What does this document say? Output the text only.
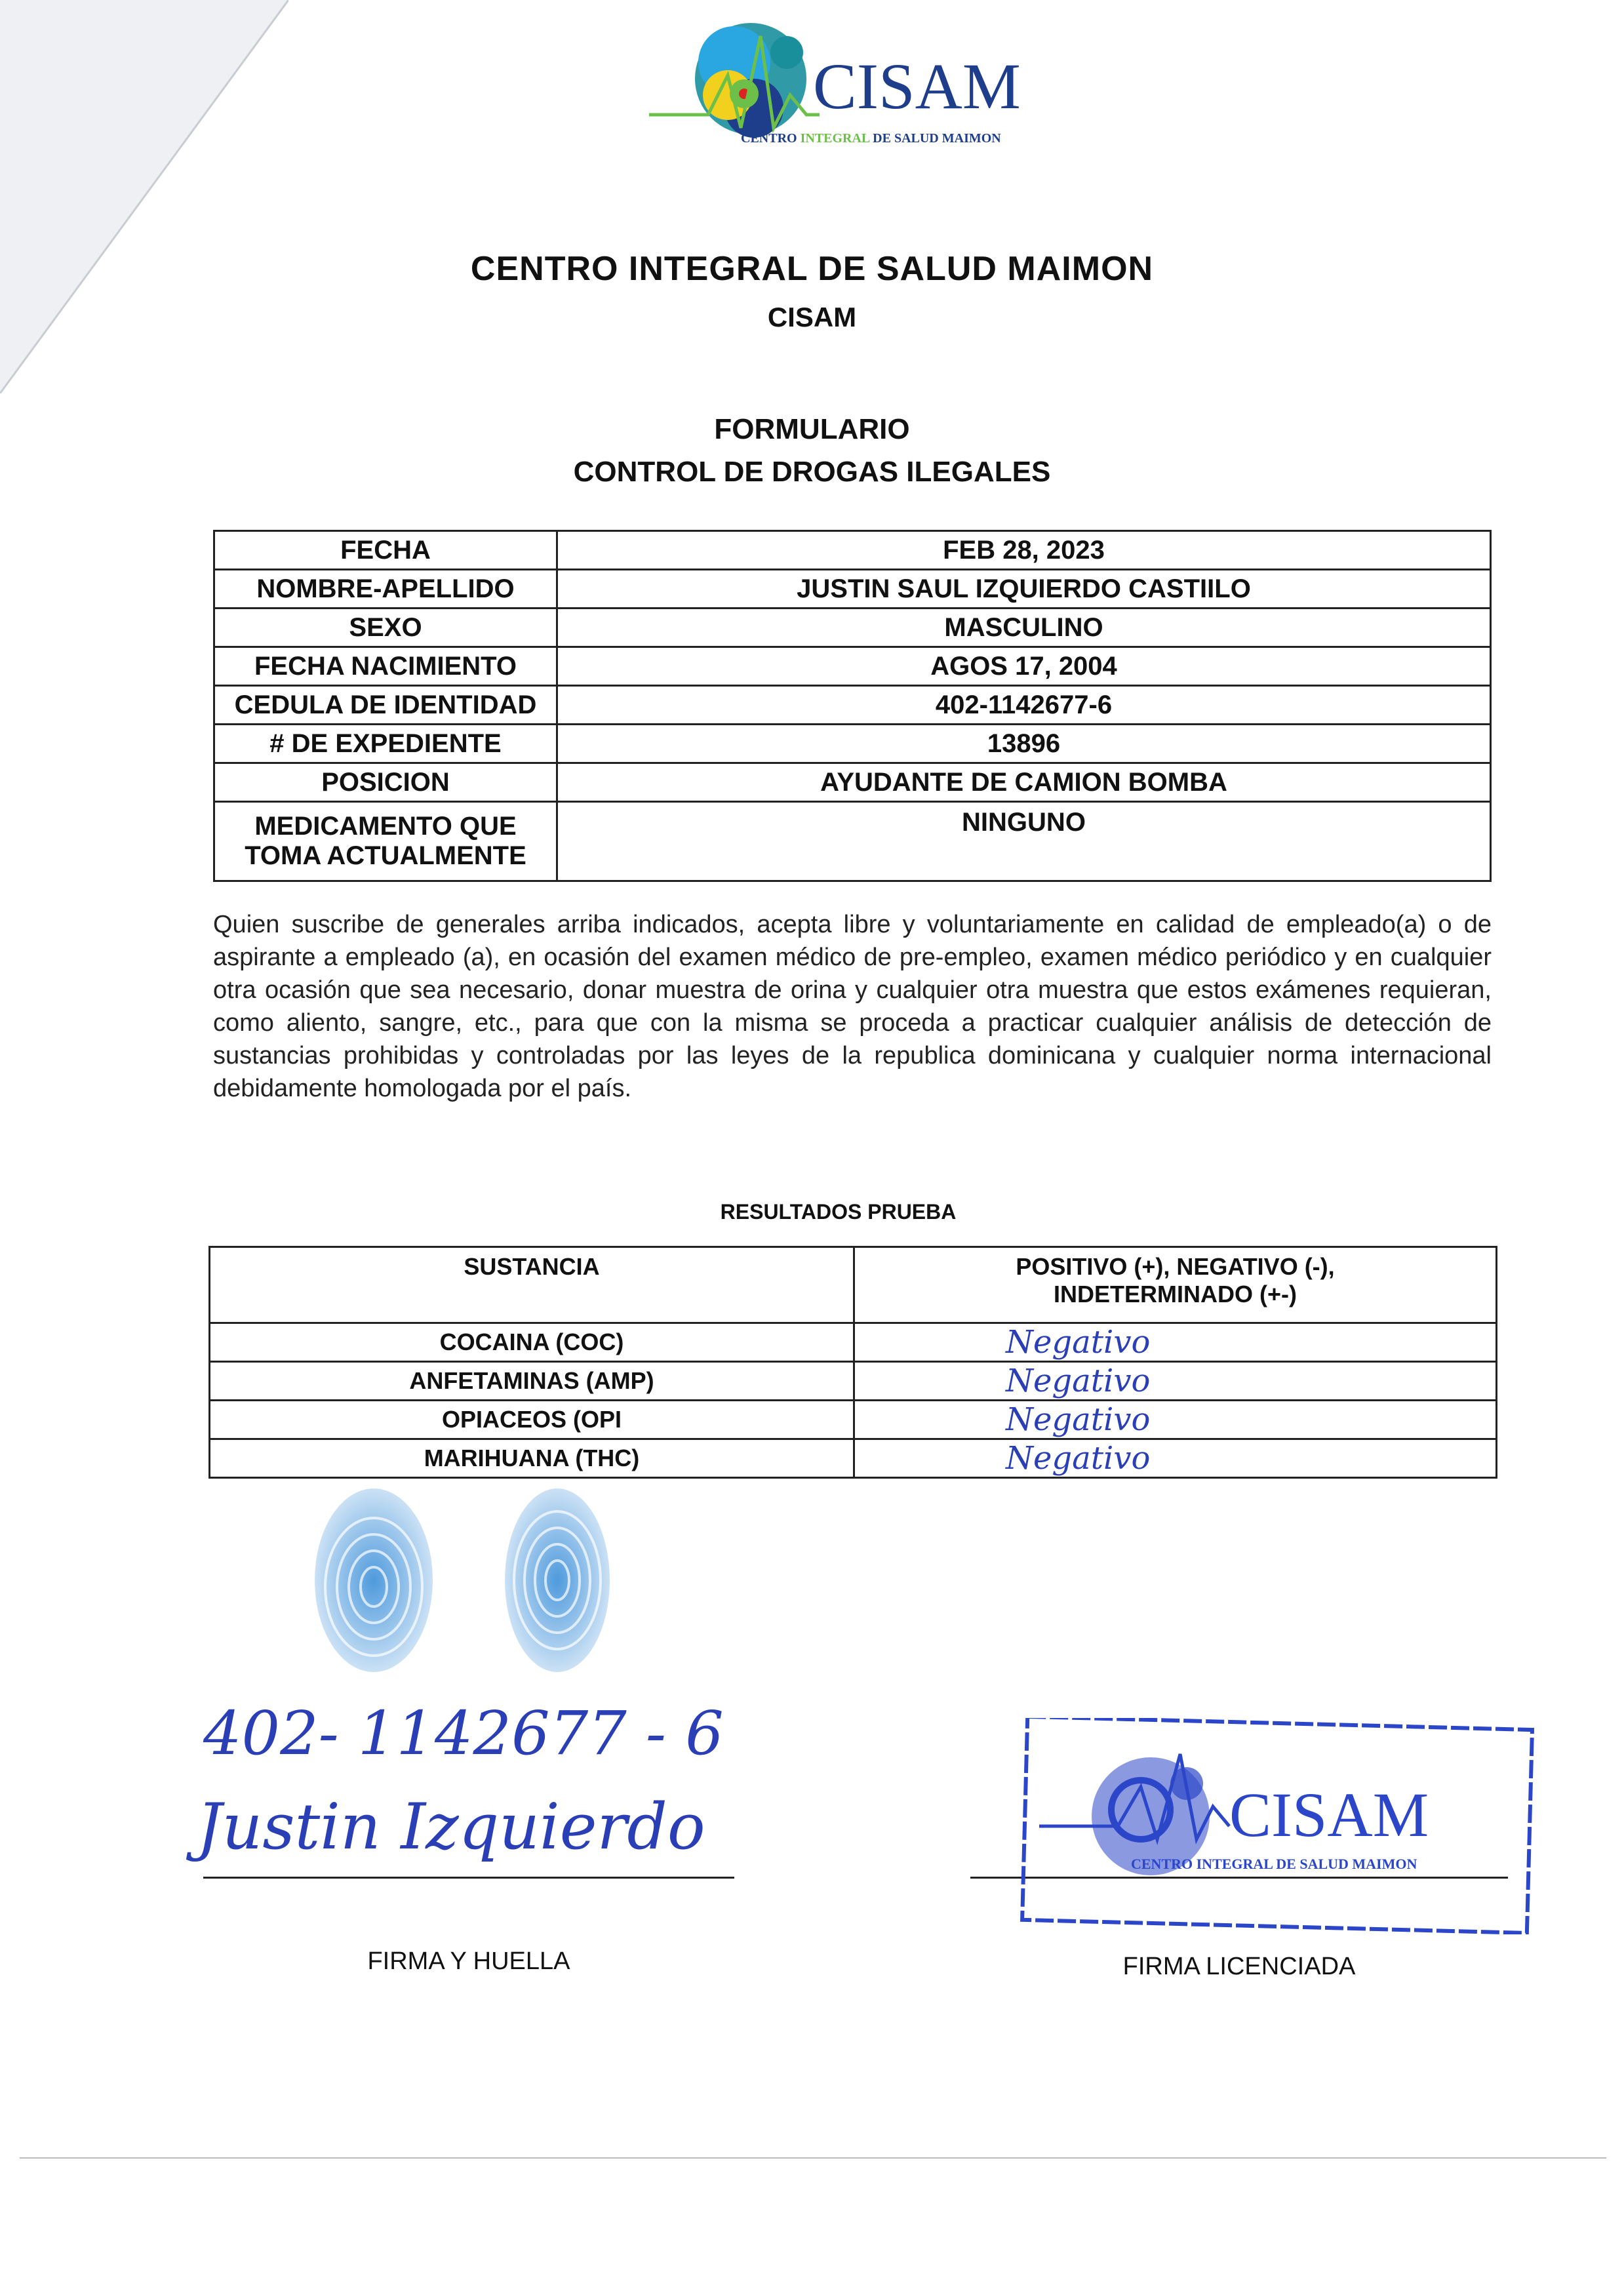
CISAM
CENTRO INTEGRAL DE SALUD MAIMON
CENTRO INTEGRAL DE SALUD MAIMON
CISAM
FORMULARIO
CONTROL DE DROGAS ILEGALES
FECHA	FEB 28, 2023
NOMBRE-APELLIDO	JUSTIN SAUL IZQUIERDO CASTIILO
SEXO	MASCULINO
FECHA NACIMIENTO	AGOS 17, 2004
CEDULA DE IDENTIDAD	402-1142677-6
# DE EXPEDIENTE	13896
POSICION	AYUDANTE DE CAMION BOMBA

MEDICAMENTO QUE
TOMA ACTUALMENTE	NINGUNO
Quien suscribe de generales arriba indicados, acepta libre y voluntariamente en calidad de empleado(a) o de aspirante a empleado (a), en ocasión del examen médico de pre-empleo, examen médico periódico y en cualquier otra ocasión que sea necesario, donar muestra de orina y cualquier otra muestra que estos exámenes requieran, como aliento, sangre, etc., para que con la misma se proceda a practicar cualquier análisis de detección de sustancias prohibidas y controladas por las leyes de la republica dominicana y cualquier norma internacional debidamente homologada por el país.
RESULTADOS PRUEBA
SUSTANCIA	POSITIVO (+), NEGATIVO (-),
INDETERMINADO (+-)

COCAINA (COC)	Negativo
ANFETAMINAS (AMP)	Negativo
OPIACEOS (OPI	Negativo
MARIHUANA (THC)	Negativo
402- 1142677 - 6
Justin Izquierdo	CISAM
CENTRO INTEGRAL DE SALUD MAIMON
FIRMA Y HUELLA	FIRMA LICENCIADA
